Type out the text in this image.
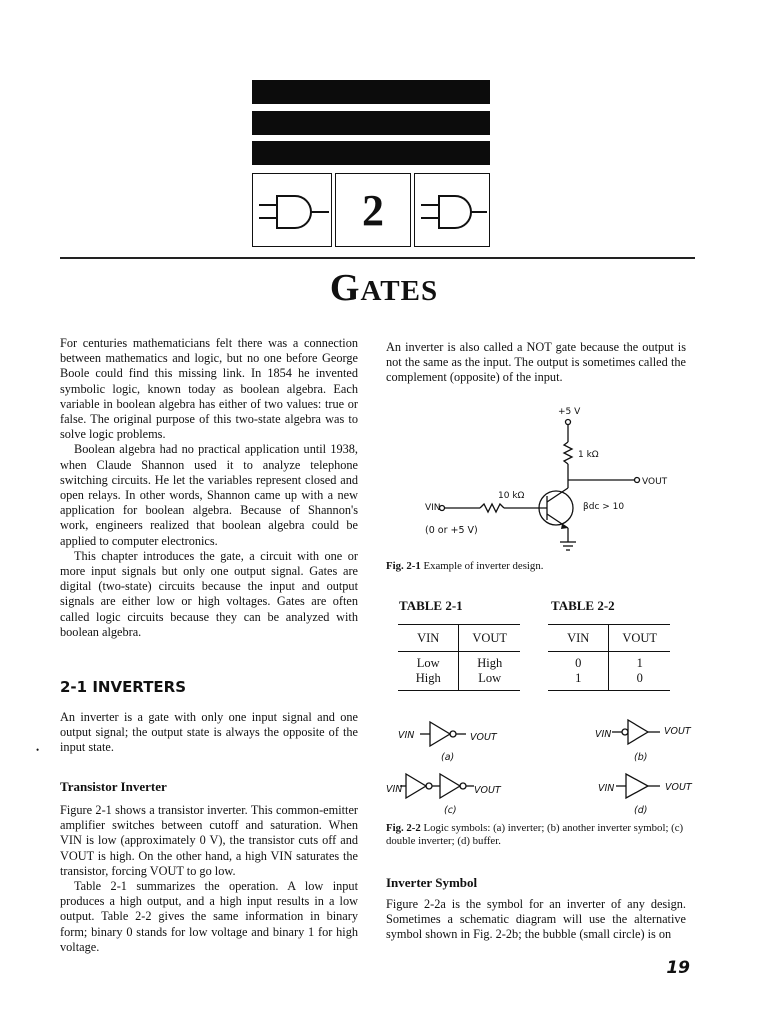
2
GATES

For centuries mathematicians felt there was a connection between mathematics and logic, but no one before George Boole could find this missing link. In 1854 he invented symbolic logic, known today as boolean algebra. Each variable in boolean algebra has either of two values: true or false. The original purpose of this two-state algebra was to solve logic problems.

Boolean algebra had no practical application until 1938, when Claude Shannon used it to analyze telephone switching circuits. He let the variables represent closed and open relays. In other words, Shannon came up with a new application for boolean algebra. Because of Shannon's work, engineers realized that boolean algebra could be applied to computer electronics.

This chapter introduces the gate, a circuit with one or more input signals but only one output signal. Gates are digital (two-state) circuits because the input and output signals are either low or high voltages. Gates are often called logic circuits because they can be analyzed with boolean algebra.

2-1 INVERTERS

An inverter is a gate with only one input signal and one output signal; the output state is always the opposite of the input state.

•
Transistor Inverter

Figure 2-1 shows a transistor inverter. This common-emitter amplifier switches between cutoff and saturation. When VIN is low (approximately 0 V), the transistor cuts off and VOUT is high. On the other hand, a high VIN saturates the transistor, forcing VOUT to go low.

Table 2-1 summarizes the operation. A low input produces a high output, and a high input results in a low output. Table 2-2 gives the same information in binary form; binary 0 stands for low voltage and binary 1 for high voltage.

An inverter is also called a NOT gate because the output is not the same as the input. The output is sometimes called the complement (opposite) of the input.

+5 V
1 kΩ
VOUT
10 kΩ
VIN	βdc > 10
(0 or +5 V)
Fig. 2-1 Example of inverter design.
TABLE 2-1	TABLE 2-2
VIN	VOUT
Low	High
High	Low
VIN	VOUT
0	1
1	0
VIN	VOUT
(a)
VIN	VOUT
(b)
VIN	VOUT
(c)
VIN	VOUT
(d)
Fig. 2-2 Logic symbols: (a) inverter; (b) another inverter symbol; (c) double inverter; (d) buffer.
Inverter Symbol

Figure 2-2a is the symbol for an inverter of any design. Sometimes a schematic diagram will use the alternative symbol shown in Fig. 2-2b; the bubble (small circle) is on

19
